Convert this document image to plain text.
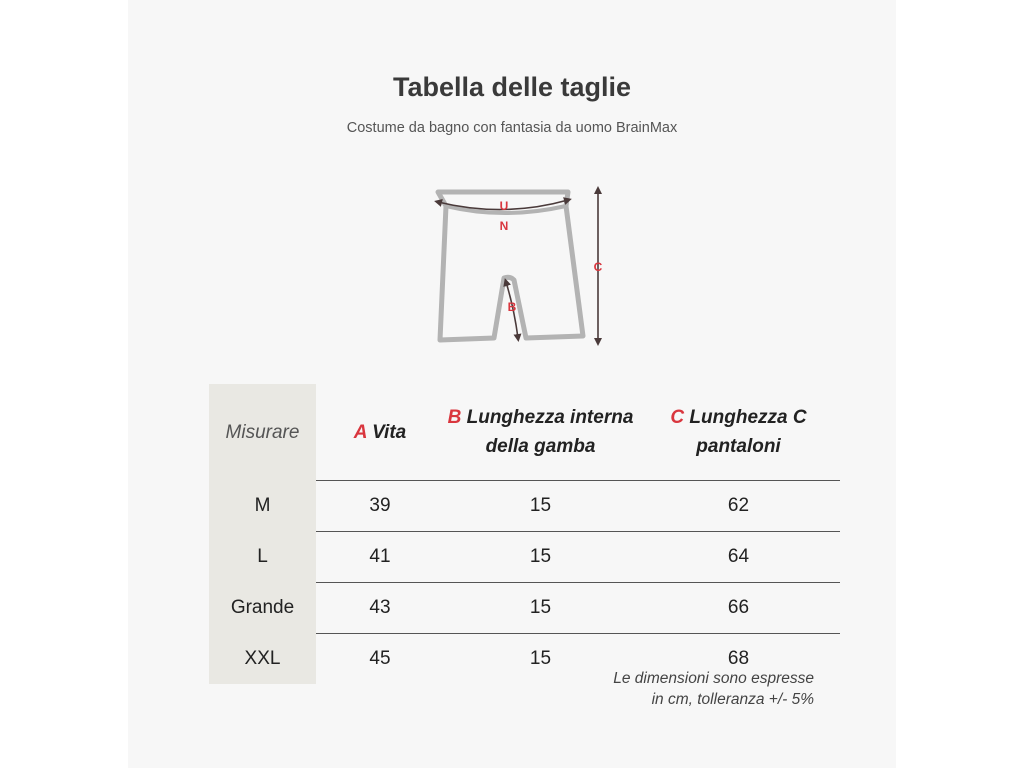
Tabella delle taglie
Costume da bagno con fantasia da uomo BrainMax
U
N
B
C
Misurare	A Vita	B Lunghezza interna della gamba	C Lunghezza C pantaloni
M	39	15	62
L	41	15	64
Grande	43	15	66
XXL	45	15	68
Le dimensioni sono espresse
in cm, tolleranza +/- 5%
